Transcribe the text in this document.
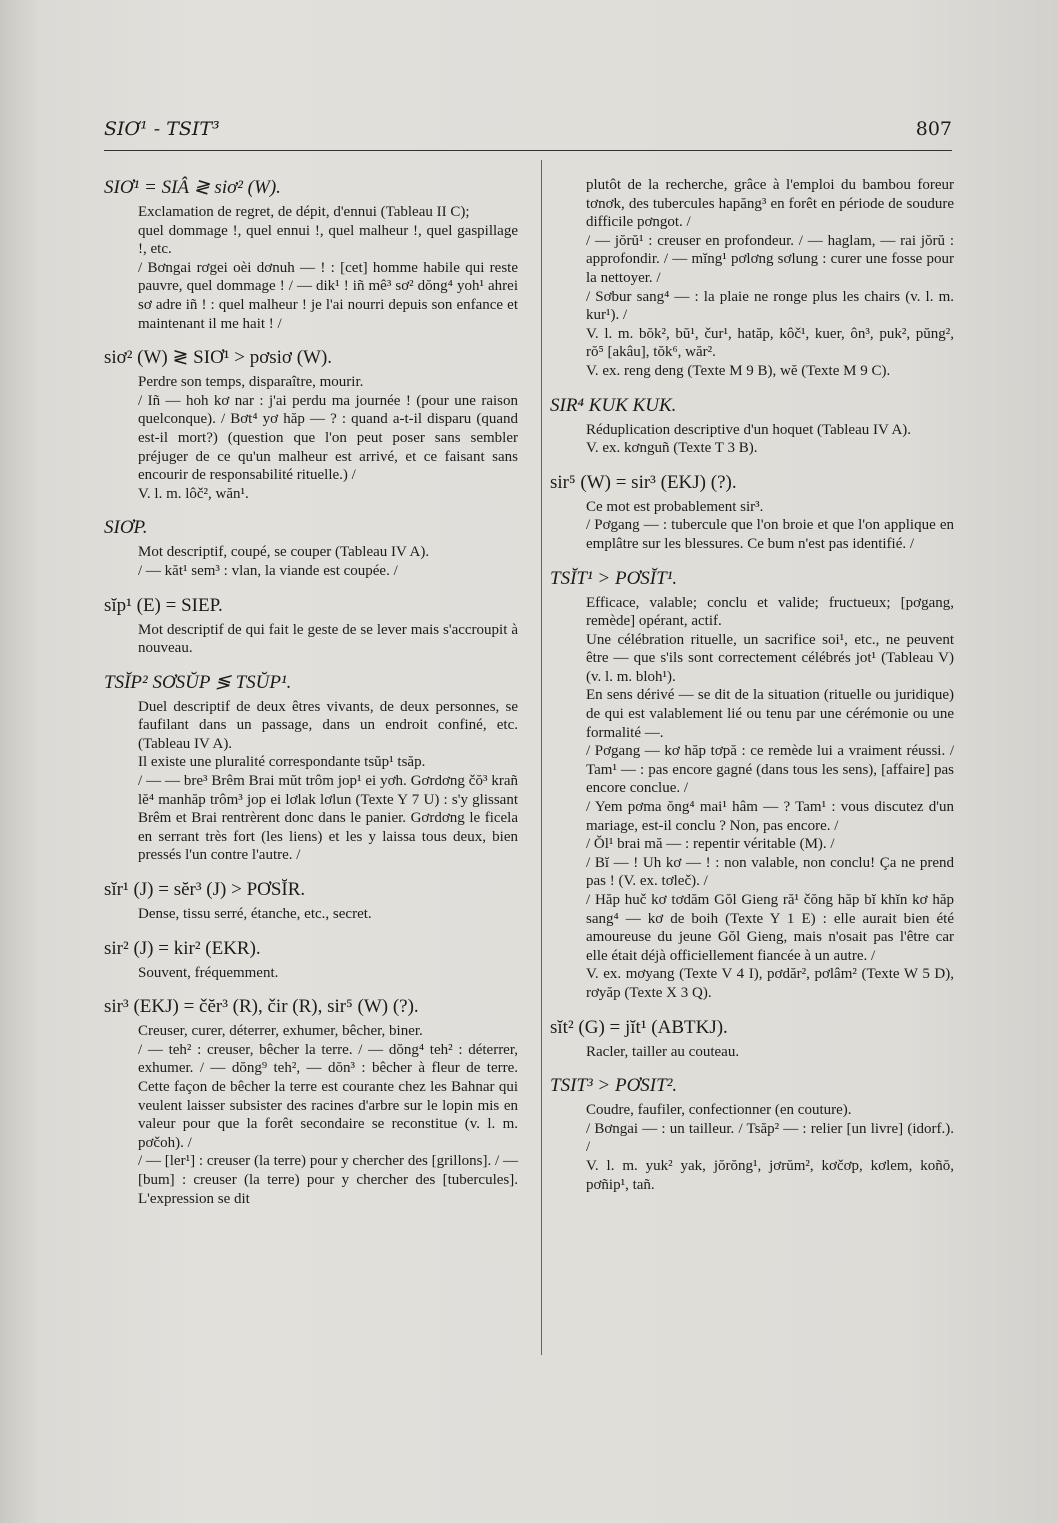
SIƠ¹ - TSIT³	807
SIƠ¹ = SIÂ ≷ siơ² (W).

Exclamation de regret, de dépit, d'ennui (Tableau II C);

quel dommage !, quel ennui !, quel malheur !, quel gaspillage !, etc.

/ Bơngai rơgei oèi dơnuh — ! : [cet] homme habile qui reste pauvre, quel dommage ! / — dik¹ ! iñ mê³ sơ² dŏng⁴ yoh¹ ahrei sơ adre iñ ! : quel malheur ! je l'ai nourri depuis son enfance et maintenant il me hait ! /

siơ² (W) ≷ SIƠ¹ > pơsiơ (W).

Perdre son temps, disparaître, mourir.

/ Iñ — hoh kơ nar : j'ai perdu ma journée ! (pour une raison quelconque). / Bơt⁴ yơ hăp — ? : quand a-t-il disparu (quand est-il mort?) (question que l'on peut poser sans sembler préjuger de ce qu'un malheur est arrivé, et ce faisant sans encourir de responsabilité rituelle.) /

V. l. m. lôč², wăn¹.

SIƠP.

Mot descriptif, coupé, se couper (Tableau IV A).

/ — kăt¹ sem³ : vlan, la viande est coupée. /

sĭp¹ (E) = SIEP.

Mot descriptif de qui fait le geste de se lever mais s'accroupit à nouveau.

TSĬP² SƠSŬP ≶ TSŬP¹.

Duel descriptif de deux êtres vivants, de deux personnes, se faufilant dans un passage, dans un endroit confiné, etc. (Tableau IV A).

Il existe une pluralité correspondante tsŭp¹ tsăp.

/ — — bre³ Brêm Brai mŭt trôm jop¹ ei yơh. Gơrdơng čŏ³ krañ lĕ⁴ manhăp trôm³ jop ei lơlak lơlun (Texte Y 7 U) : s'y glissant Brêm et Brai rentrèrent donc dans le panier. Gơrdơng le ficela en serrant très fort (les liens) et les y laissa tous deux, bien pressés l'un contre l'autre. /

sĭr¹ (J) = sĕr³ (J) > PƠSĬR.

Dense, tissu serré, étanche, etc., secret.

sir² (J) = kir² (EKR).

Souvent, fréquemment.

sir³ (EKJ) = čĕr³ (R), čir (R), sir⁵ (W) (?).

Creuser, curer, déterrer, exhumer, bêcher, biner.

/ — teh² : creuser, bêcher la terre. / — dŏng⁴ teh² : déterrer, exhumer. / — dŏng⁹ teh², — dŏn³ : bêcher à fleur de terre. Cette façon de bêcher la terre est courante chez les Bahnar qui veulent laisser subsister des racines d'arbre sur le lopin mis en valeur pour que la forêt secondaire se reconstitue (v. l. m. pơčoh). /

/ — [ler¹] : creuser (la terre) pour y chercher des [grillons]. / — [bum] : creuser (la terre) pour y chercher des [tubercules]. L'expression se dit

plutôt de la recherche, grâce à l'emploi du bambou foreur tơnơk, des tubercules hapăng³ en forêt en période de soudure difficile pơngot. /

/ — jŏrŭ¹ : creuser en profondeur. / — haglam, — rai jŏrŭ : approfondir. / — mĭng¹ pơlơng sơlung : curer une fosse pour la nettoyer. /

/ Sơbur sang⁴ — : la plaie ne ronge plus les chairs (v. l. m. kur¹). /

V. l. m. bŏk², bŭ¹, čur¹, hatăp, kôč¹, kuer, ôn³, puk², pŭng², rŏ⁵ [akâu], tŏk⁶, wăr².

V. ex. reng deng (Texte M 9 B), wĕ (Texte M 9 C).

SIR⁴ KUK KUK.

Réduplication descriptive d'un hoquet (Tableau IV A).

V. ex. kơnguñ (Texte T 3 B).

sir⁵ (W) = sir³ (EKJ) (?).

Ce mot est probablement sir³.

/ Pơgang — : tubercule que l'on broie et que l'on applique en emplâtre sur les blessures. Ce bum n'est pas identifié. /

TSĬT¹ > PƠSĬT¹.

Efficace, valable; conclu et valide; fructueux; [pơgang, remède] opérant, actif.

Une célébration rituelle, un sacrifice soi¹, etc., ne peuvent être — que s'ils sont correctement célébrés jot¹ (Tableau V) (v. l. m. bloh¹).

En sens dérivé — se dit de la situation (rituelle ou juridique) de qui est valablement lié ou tenu par une cérémonie ou une formalité —.

/ Pơgang — kơ hăp tơpă : ce remède lui a vraiment réussi. / Tam¹ — : pas encore gagné (dans tous les sens), [affaire] pas encore conclue. /

/ Yem pơma ŏng⁴ mai¹ hâm — ? Tam¹ : vous discutez d'un mariage, est-il conclu ? Non, pas encore. /

/ Ŏl¹ brai mă — : repentir véritable (M). /

/ Bĭ — ! Uh kơ — ! : non valable, non conclu! Ça ne prend pas ! (V. ex. tơleč). /

/ Hăp huč kơ tơdăm Gŏl Gieng ră¹ čŏng hăp bĭ khĭn kơ hăp sang⁴ — kơ de boih (Texte Y 1 E) : elle aurait bien été amoureuse du jeune Gŏl Gieng, mais n'osait pas l'être car elle était déjà officiellement fiancée à un autre. /

V. ex. mơyang (Texte V 4 I), pơdăr², pơlâm² (Texte W 5 D), rơyăp (Texte X 3 Q).

sĭt² (G) = jĭt¹ (ABTKJ).

Racler, tailler au couteau.

TSIT³ > PƠSIT².

Coudre, faufiler, confectionner (en couture).

/ Bơngai — : un tailleur. / Tsăp² — : relier [un livre] (idorf.). /

V. l. m. yuk² yak, jŏrŏng¹, jơrŭm², kơčơp, kơlem, koñŏ, pơñip¹, tañ.
